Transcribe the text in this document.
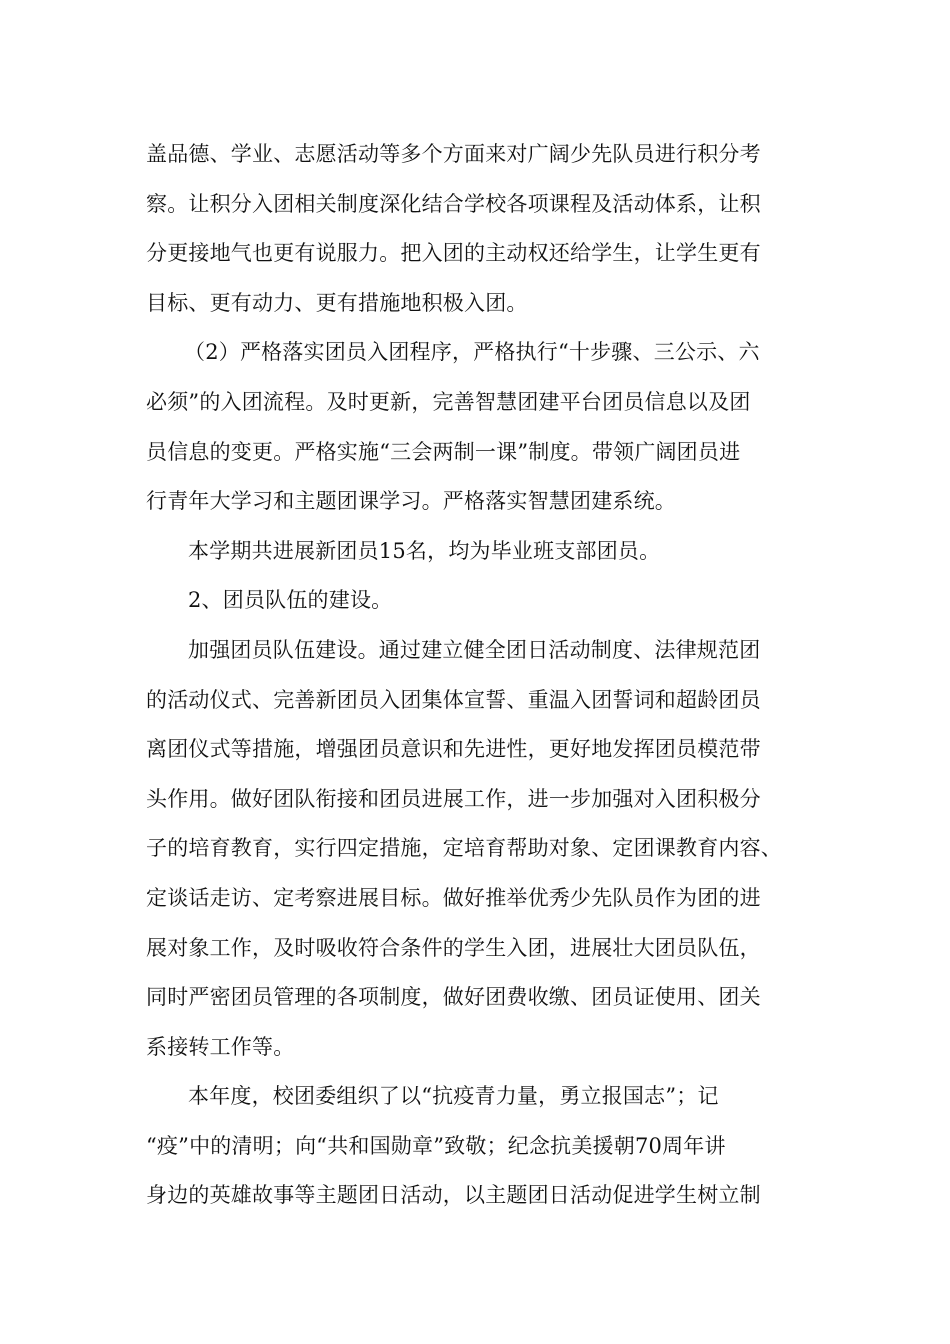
盖品德、学业、志愿活动等多个方面来对广阔少先队员进行积分考
察。让积分入团相关制度深化结合学校各项课程及活动体系，让积
分更接地气也更有说服力。把入团的主动权还给学生，让学生更有
目标、更有动力、更有措施地积极入团。
（2）严格落实团员入团程序，严格执行“十步骤、三公示、六
必须”的入团流程。及时更新，完善智慧团建平台团员信息以及团
员信息的变更。严格实施“三会两制一课”制度。带领广阔团员进
行青年大学习和主题团课学习。严格落实智慧团建系统。
本学期共进展新团员15名，均为毕业班支部团员。
2、团员队伍的建设。
加强团员队伍建设。通过建立健全团日活动制度、法律规范团
的活动仪式、完善新团员入团集体宣誓、重温入团誓词和超龄团员
离团仪式等措施，增强团员意识和先进性，更好地发挥团员模范带
头作用。做好团队衔接和团员进展工作，进一步加强对入团积极分
子的培育教育，实行四定措施，定培育帮助对象、定团课教育内容、
定谈话走访、定考察进展目标。做好推举优秀少先队员作为团的进
展对象工作，及时吸收符合条件的学生入团，进展壮大团员队伍，
同时严密团员管理的各项制度，做好团费收缴、团员证使用、团关
系接转工作等。
本年度，校团委组织了以“抗疫青力量，勇立报国志”；记
“疫”中的清明；向“共和国勋章”致敬；纪念抗美援朝70周年讲
身边的英雄故事等主题团日活动，以主题团日活动促进学生树立制
